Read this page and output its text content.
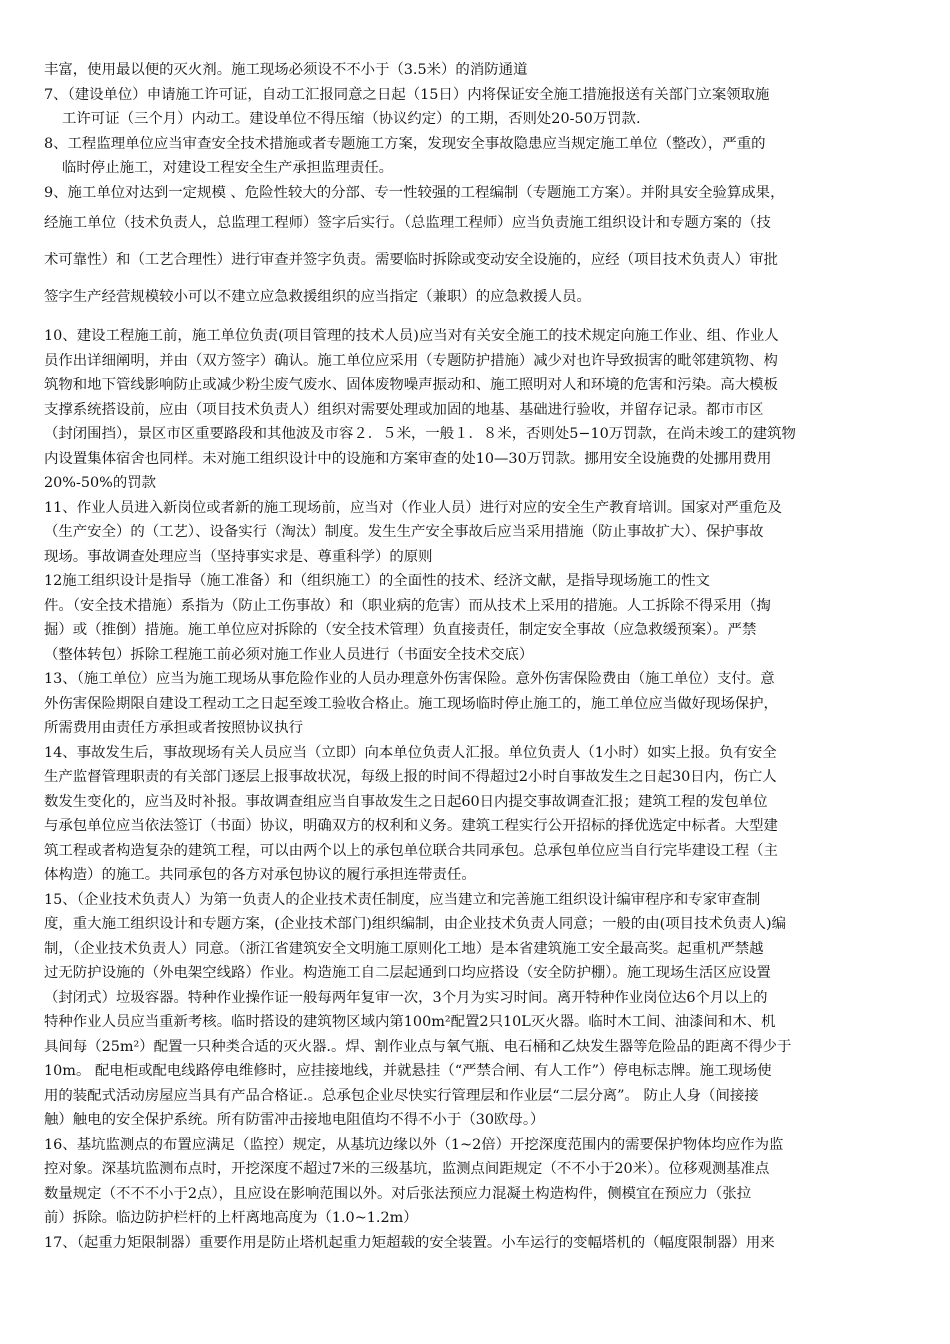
丰富，使用最以便的灭火剂。施工现场必须设不不小于（3.5米）的消防通道
7、（建设单位）申请施工许可证，自动工汇报同意之日起（15日）内将保证安全施工措施报送有关部门立案领取施
工许可证（三个月）内动工。建设单位不得压缩（协议约定）的工期，否则处20-50万罚款.
8、工程监理单位应当审查安全技术措施或者专题施工方案，发现安全事故隐患应当规定施工单位（整改），严重的
临时停止施工，对建设工程安全生产承担监理责任。
9、施工单位对达到一定规模 、危险性较大的分部、专一性较强的工程编制（专题施工方案）。并附具安全验算成果，
经施工单位（技术负责人，总监理工程师）签字后实行。（总监理工程师）应当负责施工组织设计和专题方案的（技
术可靠性）和（工艺合理性）进行审查并签字负责。需要临时拆除或变动安全设施的，应经（项目技术负责人）审批
签字生产经营规模较小可以不建立应急救援组织的应当指定（兼职）的应急救援人员。
10、建设工程施工前，施工单位负责(项目管理的技术人员)应当对有关安全施工的技术规定向施工作业、组、作业人
员作出详细阐明，并由（双方签字）确认。施工单位应采用（专题防护措施）减少对也许导致损害的毗邻建筑物、构
筑物和地下管线影响防止或减少粉尘废气废水、固体废物噪声振动和、施工照明对人和环境的危害和污染。高大模板
支撑系统搭设前，应由（项目技术负责人）组织对需要处理或加固的地基、基础进行验收，并留存记录。都市市区
（封闭围挡），景区市区重要路段和其他波及市容２．５米，一般１．８米，否则处5−10万罚款，在尚未竣工的建筑物
内设置集体宿舍也同样。未对施工组织设计中的设施和方案审查的处10—30万罚款。挪用安全设施费的处挪用费用
20%-50%的罚款
11、作业人员进入新岗位或者新的施工现场前，应当对（作业人员）进行对应的安全生产教育培训。国家对严重危及
（生产安全）的（工艺）、设备实行（淘汰）制度。发生生产安全事故后应当采用措施（防止事故扩大）、保护事故
现场。事故调查处理应当（坚持事实求是、尊重科学）的原则
12施工组织设计是指导（施工准备）和（组织施工）的全面性的技术、经济文献，是指导现场施工的性文
件。（安全技术措施）系指为（防止工伤事故）和（职业病的危害）而从技术上采用的措施。人工拆除不得采用（掏
掘）或（推倒）措施。施工单位应对拆除的（安全技术管理）负直接责任，制定安全事故（应急救缓预案）。严禁
（整体转包）拆除工程施工前必须对施工作业人员进行（书面安全技术交底）
13、（施工单位）应当为施工现场从事危险作业的人员办理意外伤害保险。意外伤害保险费由（施工单位）支付。意
外伤害保险期限自建设工程动工之日起至竣工验收合格止。施工现场临时停止施工的，施工单位应当做好现场保护，
所需费用由责任方承担或者按照协议执行
14、事故发生后，事故现场有关人员应当（立即）向本单位负责人汇报。单位负责人（1小时）如实上报。负有安全
生产监督管理职责的有关部门逐层上报事故状况，每级上报的时间不得超过2小时自事故发生之日起30日内，伤亡人
数发生变化的，应当及时补报。事故调查组应当自事故发生之日起60日内提交事故调查汇报；建筑工程的发包单位
与承包单位应当依法签订（书面）协议，明确双方的权利和义务。建筑工程实行公开招标的择优选定中标者。大型建
筑工程或者构造复杂的建筑工程，可以由两个以上的承包单位联合共同承包。总承包单位应当自行完毕建设工程（主
体构造）的施工。共同承包的各方对承包协议的履行承担连带责任。
15、（企业技术负责人）为第一负责人的企业技术责任制度，应当建立和完善施工组织设计编审程序和专家审查制
度，重大施工组织设计和专题方案，(企业技术部门)组织编制，由企业技术负责人同意；一般的由(项目技术负责人)编
制，（企业技术负责人）同意。（浙江省建筑安全文明施工原则化工地）是本省建筑施工安全最高奖。起重机严禁越
过无防护设施的（外电架空线路）作业。构造施工自二层起通到口均应搭设（安全防护棚）。施工现场生活区应设置
（封闭式）垃圾容器。特种作业操作证一般每两年复审一次，3个月为实习时间。离开特种作业岗位达6个月以上的
特种作业人员应当重新考核。临时搭设的建筑物区域内第100m²配置2只10L灭火器。临时木工间、油漆间和木、机
具间每（25m²）配置一只种类合适的灭火器.。焊、割作业点与氧气瓶、电石桶和乙炔发生器等危险品的距离不得少于
10m。 配电柜或配电线路停电维修时，应挂接地线，并就悬挂（“严禁合闸、有人工作”）停电标志牌。施工现场使
用的装配式活动房屋应当具有产品合格证.。总承包企业尽快实行管理层和作业层“二层分离”。 防止人身（间接接
触）触电的安全保护系统。所有防雷冲击接地电阻值均不得不小于（30欧母。）
16、基坑监测点的布置应满足（监控）规定，从基坑边缘以外（1~2倍）开挖深度范围内的需要保护物体均应作为监
控对象。深基坑监测布点时，开挖深度不超过7米的三级基坑，监测点间距规定（不不小于20米）。位移观测基准点
数量规定（不不不小于2点），且应设在影响范围以外。对后张法预应力混凝土构造构件，侧模宜在预应力（张拉
前）拆除。临边防护栏杆的上杆离地高度为（1.0~1.2m）
17、（起重力矩限制器）重要作用是防止塔机起重力矩超载的安全装置。小车运行的变幅塔机的（幅度限制器）用来
